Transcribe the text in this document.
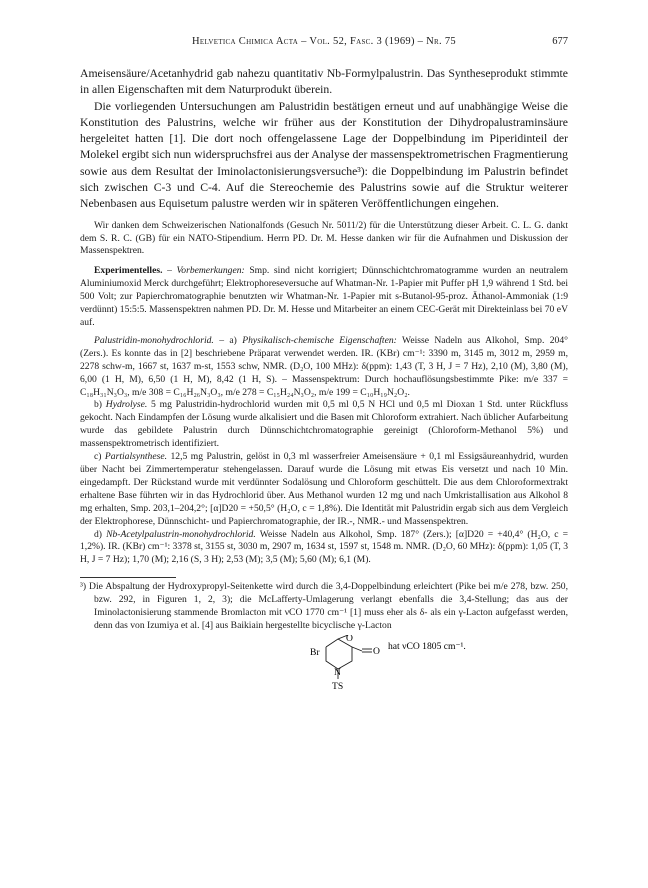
Helvetica Chimica Acta – Vol. 52, Fasc. 3 (1969) – Nr. 75	677

Ameisensäure/Acetanhydrid gab nahezu quantitativ Nb-Formylpalustrin. Das Syntheseprodukt stimmte in allen Eigenschaften mit dem Naturprodukt überein.

Die vorliegenden Untersuchungen am Palustridin bestätigen erneut und auf unabhängige Weise die Konstitution des Palustrins, welche wir früher aus der Konstitution der Dihydropalustraminsäure hergeleitet hatten [1]. Die dort noch offengelassene Lage der Doppelbindung im Piperidinteil der Molekel ergibt sich nun widerspruchsfrei aus der Analyse der massenspektrometrischen Fragmentierung sowie aus dem Resultat der Iminolactonisierungsversuche³): die Doppelbindung im Palustrin befindet sich zwischen C-3 und C-4. Auf die Stereochemie des Palustrins sowie auf die Struktur weiterer Nebenbasen aus Equisetum palustre werden wir in späteren Veröffentlichungen eingehen.

Wir danken dem Schweizerischen Nationalfonds (Gesuch Nr. 5011/2) für die Unterstützung dieser Arbeit. C. L. G. dankt dem S. R. C. (GB) für ein NATO-Stipendium. Herrn PD. Dr. M. Hesse danken wir für die Aufnahmen und Diskussion der Massenspektren.

Experimentelles. – Vorbemerkungen: Smp. sind nicht korrigiert; Dünnschichtchromatogramme wurden an neutralem Aluminiumoxid Merck durchgeführt; Elektrophoreseversuche auf Whatman-Nr. 1-Papier mit Puffer pH 1,9 während 1 Std. bei 500 Volt; zur Papierchromatographie benutzten wir Whatman-Nr. 1-Papier mit s-Butanol-95-proz. Äthanol-Ammoniak (1:9 verdünnt) 15:5:5. Massenspektren nahmen PD. Dr. M. Hesse und Mitarbeiter an einem CEC-Gerät mit Direkteinlass bei 70 eV auf.

Palustridin-monohydrochlorid. – a) Physikalisch-chemische Eigenschaften: Weisse Nadeln aus Alkohol, Smp. 204° (Zers.). Es konnte das in [2] beschriebene Präparat verwendet werden. IR. (KBr) cm⁻¹: 3390 m, 3145 m, 3012 m, 2959 m, 2278 schw-m, 1667 st, 1637 m-st, 1553 schw, NMR. (D₂O, 100 MHz): δ(ppm): 1,43 (T, 3 H, J = 7 Hz), 2,10 (M), 3,80 (M), 6,00 (1 H, M), 6,50 (1 H, M), 8,42 (1 H, S). – Massenspektrum: Durch hochauflösungsbestimmte Pike: m/e 337 = C₁₈H₃₁N₃O₃, m/e 308 = C₁₆H₂₆N₃O₃, m/e 278 = C₁₅H₂₄N₃O₂, m/e 199 = C₁₀H₁₉N₂O₂.

b) Hydrolyse. 5 mg Palustridin-hydrochlorid wurden mit 0,5 ml 0,5 N HCl und 0,5 ml Dioxan 1 Std. unter Rückfluss gekocht. Nach Eindampfen der Lösung wurde alkalisiert und die Basen mit Chloroform extrahiert. Nach üblicher Aufarbeitung wurde das gebildete Palustrin durch Dünnschichtchromatographie gereinigt (Chloroform-Methanol 5%) und massenspektrometrisch identifiziert.

c) Partialsynthese. 12,5 mg Palustrin, gelöst in 0,3 ml wasserfreier Ameisensäure + 0,1 ml Essigsäureanhydrid, wurden über Nacht bei Zimmertemperatur stehengelassen. Darauf wurde die Lösung mit etwas Eis versetzt und nach 10 Min. eingedampft. Der Rückstand wurde mit verdünnter Sodalösung und Chloroform geschüttelt. Die aus dem Chloroformextrakt erhaltene Base führten wir in das Hydrochlorid über. Aus Methanol wurden 12 mg und nach Umkristallisation aus Alkohol 8 mg erhalten, Smp. 203,1–204,2°; [α]D20 = +50,5° (H₂O, c = 1,8%). Die Identität mit Palustridin ergab sich aus dem Vergleich der Elektrophorese, Dünnschicht- und Papierchromatographie, der IR.-, NMR.- und Massenspektren.

d) Nb-Acetylpalustrin-monohydrochlorid. Weisse Nadeln aus Alkohol, Smp. 187° (Zers.); [α]D20 = +40,4° (H₂O, c = 1,2%). IR. (KBr) cm⁻¹: 3378 st, 3155 st, 3030 m, 2907 m, 1634 st, 1597 st, 1548 m. NMR. (D₂O, 60 MHz): δ(ppm): 1,05 (T, 3 H, J = 7 Hz); 1,70 (M); 2,16 (S, 3 H); 2,53 (M); 3,5 (M); 5,60 (M); 6,1 (M).

³) Die Abspaltung der Hydroxypropyl-Seitenkette wird durch die 3,4-Doppelbindung erleichtert (Pike bei m/e 278, bzw. 250, bzw. 292, in Figuren 1, 2, 3); die McLafferty-Umlagerung verlangt ebenfalls die 3,4-Stellung; das aus der Iminolactonisierung stammende Bromlacton mit νCO 1770 cm⁻¹ [1] muss eher als δ- als ein γ-Lacton aufgefasst werden, denn das von Izumiya et al. [4] aus Baikiain hergestellte bicyclische γ-Lacton
Br
O
O
N
TS
hat νCO 1805 cm⁻¹.
